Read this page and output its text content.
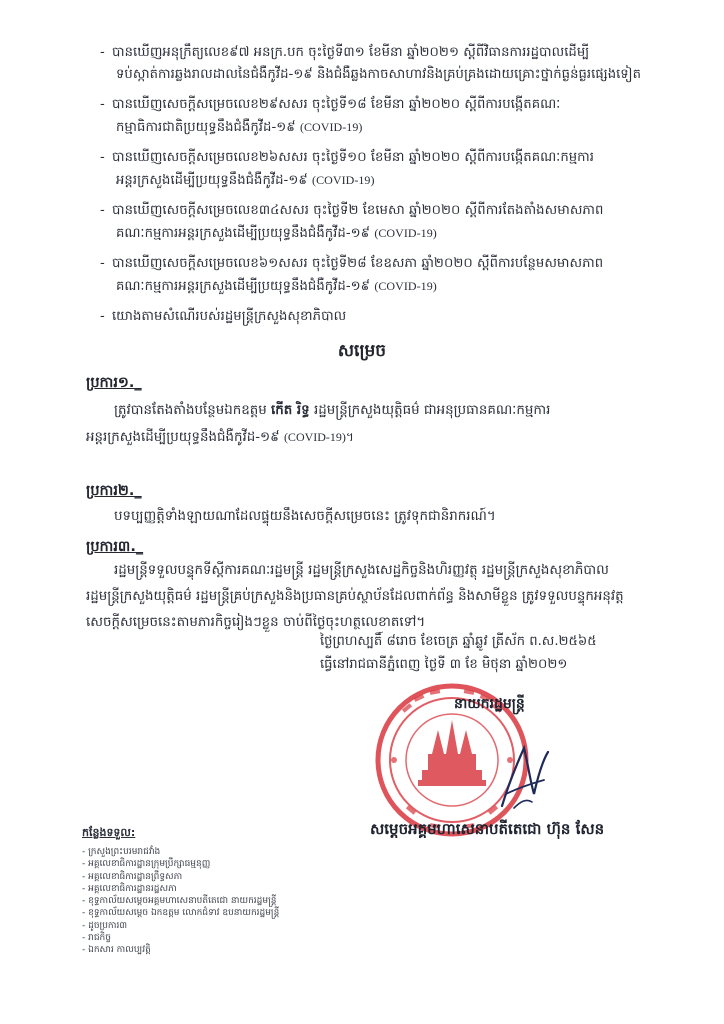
- បានឃើញអនុក្រឹត្យលេខ៩៧ អនក្រ.បក ចុះថ្ងៃទី៣១ ខែមីនា ឆ្នាំ២០២១ ស្ដីពីវិធានការរដ្ឋបាលដើម្បី
ទប់ស្កាត់ការឆ្លងរាលដាលនៃជំងឺកូវីដ-១៩ និងជំងឺឆ្លងកាចសាហាវនិងគ្រប់គ្រងដោយគ្រោះថ្នាក់ធ្ងន់ធ្ងរផ្សេងទៀត
- បានឃើញសេចក្ដីសម្រេចលេខ២៩សសរ ចុះថ្ងៃទី១៨ ខែមីនា ឆ្នាំ២០២០ ស្ដីពីការបង្កើតគណៈ
កម្មាធិការជាតិប្រយុទ្ធនឹងជំងឺកូវីដ-១៩ (COVID-19)
- បានឃើញសេចក្ដីសម្រេចលេខ២៦សសរ ចុះថ្ងៃទី១០ ខែមីនា ឆ្នាំ២០២០ ស្ដីពីការបង្កើតគណៈកម្មការ
អន្តរក្រសួងដើម្បីប្រយុទ្ធនឹងជំងឺកូវីដ-១៩ (COVID-19)
- បានឃើញសេចក្ដីសម្រេចលេខ៣៤សសរ ចុះថ្ងៃទី២ ខែមេសា ឆ្នាំ២០២០ ស្ដីពីការតែងតាំងសមាសភាព
គណៈកម្មការអន្តរក្រសួងដើម្បីប្រយុទ្ធនឹងជំងឺកូវីដ-១៩ (COVID-19)
- បានឃើញសេចក្ដីសម្រេចលេខ៦១សសរ ចុះថ្ងៃទី២៨ ខែឧសភា ឆ្នាំ២០២០ ស្ដីពីការបន្ថែមសមាសភាព
គណៈកម្មការអន្តរក្រសួងដើម្បីប្រយុទ្ធនឹងជំងឺកូវីដ-១៩ (COVID-19)
- យោងតាមសំណើរបស់រដ្ឋមន្ត្រីក្រសួងសុខាភិបាល
សម្រេច
ប្រការ១._
ត្រូវបានតែងតាំងបន្ថែមឯកឧត្តម កើត រិទ្ធ រដ្ឋមន្ត្រីក្រសួងយុត្តិធម៌ ជាអនុប្រធានគណៈកម្មការ
អន្តរក្រសួងដើម្បីប្រយុទ្ធនឹងជំងឺកូវីដ-១៩ (COVID-19)។
ប្រការ២._
បទប្បញ្ញត្តិទាំងឡាយណាដែលផ្ទុយនឹងសេចក្ដីសម្រេចនេះ ត្រូវទុកជានិរាករណ៍។
ប្រការ៣._
រដ្ឋមន្ត្រីទទួលបន្ទុកទីស្ដីការគណៈរដ្ឋមន្ត្រី រដ្ឋមន្ត្រីក្រសួងសេដ្ឋកិច្ចនិងហិរញ្ញវត្ថុ រដ្ឋមន្ត្រីក្រសួងសុខាភិបាល
រដ្ឋមន្ត្រីក្រសួងយុត្តិធម៌ រដ្ឋមន្ត្រីគ្រប់ក្រសួងនិងប្រធានគ្រប់ស្ថាប័នដែលពាក់ព័ន្ធ និងសាមីខ្លួន ត្រូវទទួលបន្ទុកអនុវត្ត
សេចក្ដីសម្រេចនេះតាមភារកិច្ចរៀងៗខ្លួន ចាប់ពីថ្ងៃចុះហត្ថលេខាតទៅ។
ថ្ងៃព្រហស្បតិ៍ ៨រោច ខែចេត្រ ឆ្នាំឆ្លូវ ត្រីស័ក ព.ស.២៥៦៥
ធ្វើនៅរាជធានីភ្នំពេញ ថ្ងៃទី ៣ ខែ មិថុនា ឆ្នាំ២០២១
នាយករដ្ឋមន្ត្រី
សម្ដេចអគ្គមហាសេនាបតីតេជោ ហ៊ុន សែន
កន្លែងទទួល:
- ក្រសួងព្រះបរមរាជវាំង
- អគ្គលេខាធិការដ្ឋានក្រុមប្រឹក្សាធម្មនុញ្ញ
- អគ្គលេខាធិការដ្ឋានព្រឹទ្ធសភា
- អគ្គលេខាធិការដ្ឋានរដ្ឋសភា
- ខុទ្ទកាល័យសម្ដេចអគ្គមហាសេនាបតីតេជោ នាយករដ្ឋមន្ត្រី
- ខុទ្ទកាល័យសម្ដេច ឯកឧត្តម លោកជំទាវ ឧបនាយករដ្ឋមន្ត្រី
- ដូចប្រការ៣
- រាជកិច្ច
- ឯកសារ កាលប្បវត្តិ
